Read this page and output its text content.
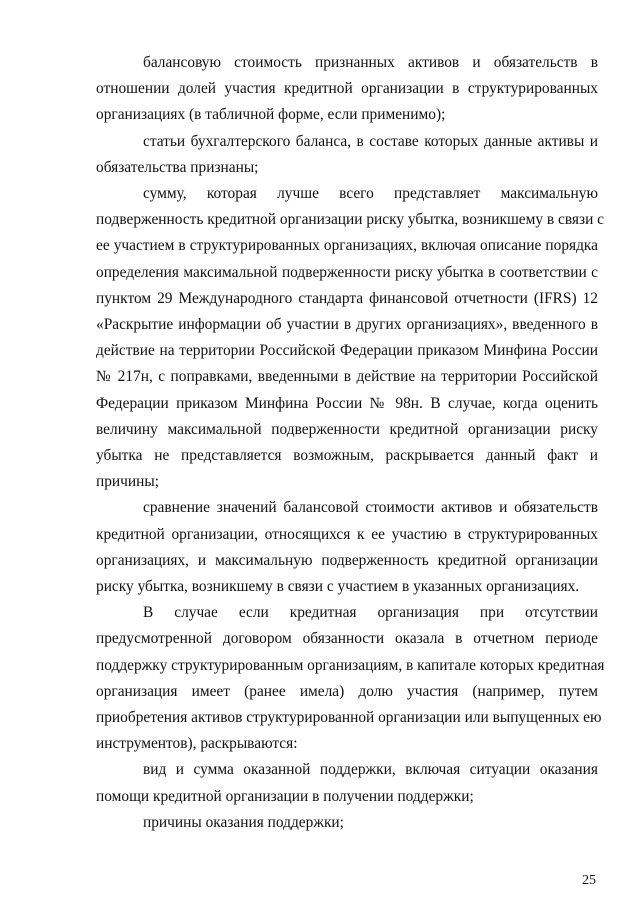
балансовую стоимость признанных активов и обязательств в
отношении долей участия кредитной организации в структурированных
организациях (в табличной форме, если применимо);
статьи бухгалтерского баланса, в составе которых данные активы и
обязательства признаны;
сумму, которая лучше всего представляет максимальную
подверженность кредитной организации риску убытка, возникшему в связи с
ее участием в структурированных организациях, включая описание порядка
определения максимальной подверженности риску убытка в соответствии с
пунктом 29 Международного стандарта финансовой отчетности (IFRS) 12
«Раскрытие информации об участии в других организациях», введенного в
действие на территории Российской Федерации приказом Минфина России
№ 217н, с поправками, введенными в действие на территории Российской
Федерации приказом Минфина России № 98н. В случае, когда оценить
величину максимальной подверженности кредитной организации риску
убытка не представляется возможным, раскрывается данный факт и
причины;
сравнение значений балансовой стоимости активов и обязательств
кредитной организации, относящихся к ее участию в структурированных
организациях, и максимальную подверженность кредитной организации
риску убытка, возникшему в связи с участием в указанных организациях.
В случае если кредитная организация при отсутствии
предусмотренной договором обязанности оказала в отчетном периоде
поддержку структурированным организациям, в капитале которых кредитная
организация имеет (ранее имела) долю участия (например, путем
приобретения активов структурированной организации или выпущенных ею
инструментов), раскрываются:
вид и сумма оказанной поддержки, включая ситуации оказания
помощи кредитной организации в получении поддержки;
причины оказания поддержки;
25
